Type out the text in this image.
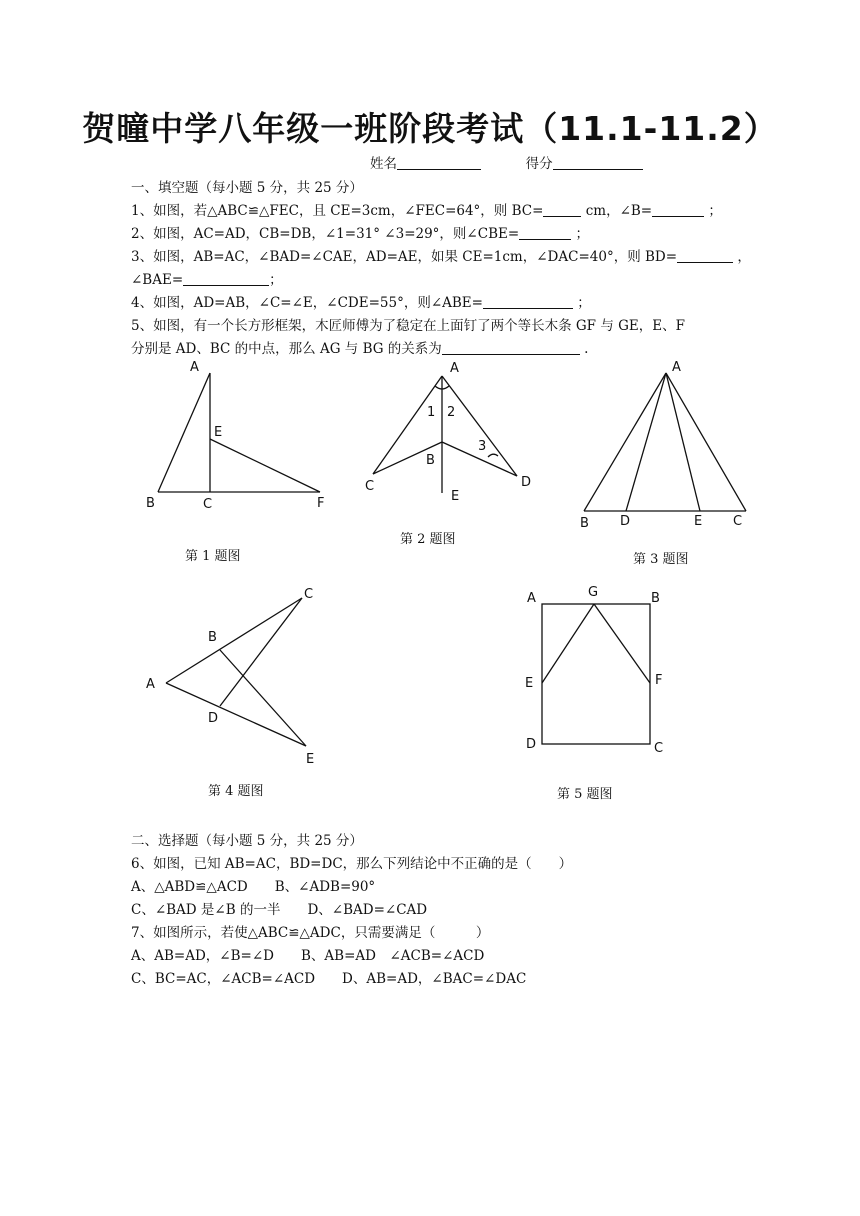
贺曈中学八年级一班阶段考试（11.1-11.2）
姓名	得分
一、填空题（每小题 5 分，共 25 分）
1、如图，若△ABC≌△FEC，且 CE=3cm，∠FEC=64°，则 BC=	cm，∠B=	；
2、如图，AC=AD，CB=DB，∠1=31° ∠3=29°，则∠CBE=	；
3、如图，AB=AC，∠BAD=∠CAE，AD=AE，如果 CE=1cm，∠DAC=40°，则 BD=	，
∠BAE=	；
4、如图，AD=AB，∠C=∠E，∠CDE=55°，则∠ABE=	；
5、如图，有一个长方形框架，木匠师傅为了稳定在上面钉了两个等长木条 GF 与 GE，E、F
分别是 AD、BC 的中点，那么 AG 与 BG 的关系为	.
A
E
B	C	F
第 1 题图
A
1 2
3
B
C	D
E
第 2 题图
A
B D	E C
第 3 题图
C
B
A
D
E
第 4 题图
A	G	B
E	F
D	C
第 5 题图
二、选择题（每小题 5 分，共 25 分）
6、如图，已知 AB=AC，BD=DC，那么下列结论中不正确的是（　　）
A、△ABD≌△ACD　　B、∠ADB=90°
C、∠BAD 是∠B 的一半　　D、∠BAD=∠CAD
7、如图所示，若使△ABC≌△ADC，只需要满足（　　　）
A、AB=AD，∠B=∠D　　B、AB=AD　∠ACB=∠ACD
C、BC=AC，∠ACB=∠ACD　　D、AB=AD，∠BAC=∠DAC
